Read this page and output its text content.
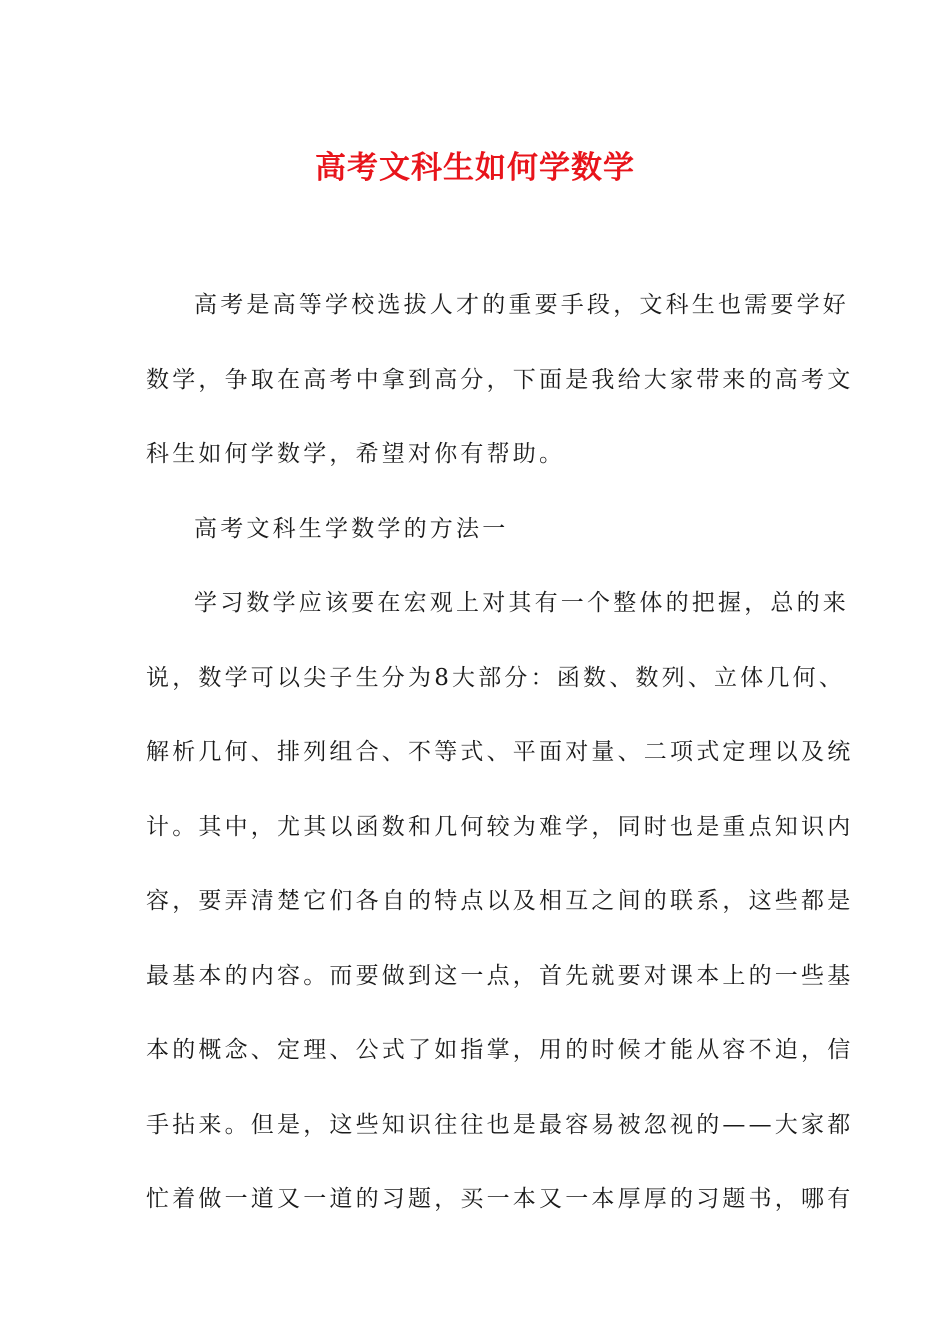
高考文科生如何学数学
高考是高等学校选拔人才的重要手段，文科生也需要学好
数学，争取在高考中拿到高分，下面是我给大家带来的高考文
科生如何学数学，希望对你有帮助。
高考文科生学数学的方法一
学习数学应该要在宏观上对其有一个整体的把握，总的来
说，数学可以尖子生分为8大部分：函数、数列、立体几何、
解析几何、排列组合、不等式、平面对量、二项式定理以及统
计。其中，尤其以函数和几何较为难学，同时也是重点知识内
容，要弄清楚它们各自的特点以及相互之间的联系，这些都是
最基本的内容。而要做到这一点，首先就要对课本上的一些基
本的概念、定理、公式了如指掌，用的时候才能从容不迫，信
手拈来。但是，这些知识往往也是最容易被忽视的——大家都
忙着做一道又一道的习题，买一本又一本厚厚的习题书，哪有
